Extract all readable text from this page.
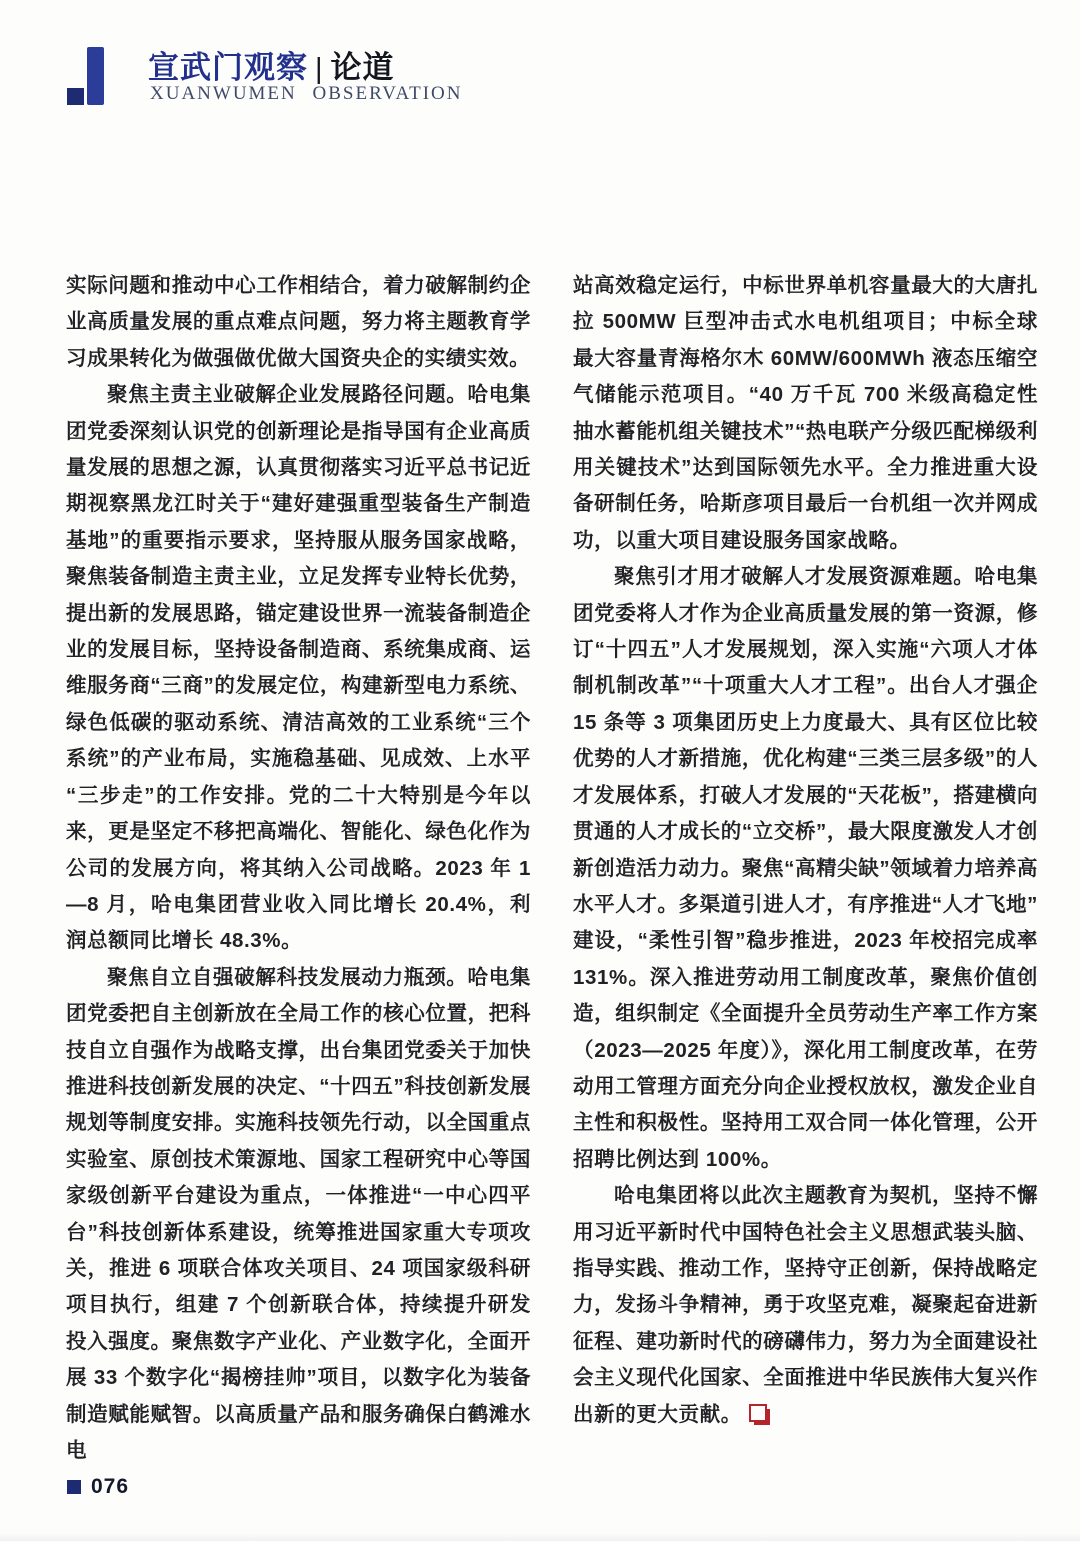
宣武门观察 | 论道
XUANWUMEN OBSERVATION

实际问题和推动中心工作相结合，着力破解制约企业高质量发展的重点难点问题，努力将主题教育学习成果转化为做强做优做大国资央企的实绩实效。

聚焦主责主业破解企业发展路径问题。哈电集团党委深刻认识党的创新理论是指导国有企业高质量发展的思想之源，认真贯彻落实习近平总书记近期视察黑龙江时关于“建好建强重型装备生产制造基地”的重要指示要求，坚持服从服务国家战略，聚焦装备制造主责主业，立足发挥专业特长优势，提出新的发展思路，锚定建设世界一流装备制造企业的发展目标，坚持设备制造商、系统集成商、运维服务商“三商”的发展定位，构建新型电力系统、绿色低碳的驱动系统、清洁高效的工业系统“三个系统”的产业布局，实施稳基础、见成效、上水平“三步走”的工作安排。党的二十大特别是今年以来，更是坚定不移把高端化、智能化、绿色化作为公司的发展方向，将其纳入公司战略。2023 年 1—8 月，哈电集团营业收入同比增长 20.4%，利润总额同比增长 48.3%。

聚焦自立自强破解科技发展动力瓶颈。哈电集团党委把自主创新放在全局工作的核心位置，把科技自立自强作为战略支撑，出台集团党委关于加快推进科技创新发展的决定、“十四五”科技创新发展规划等制度安排。实施科技领先行动，以全国重点实验室、原创技术策源地、国家工程研究中心等国家级创新平台建设为重点，一体推进“一中心四平台”科技创新体系建设，统筹推进国家重大专项攻关，推进 6 项联合体攻关项目、24 项国家级科研项目执行，组建 7 个创新联合体，持续提升研发投入强度。聚焦数字产业化、产业数字化，全面开展 33 个数字化“揭榜挂帅”项目，以数字化为装备制造赋能赋智。以高质量产品和服务确保白鹤滩水电

站高效稳定运行，中标世界单机容量最大的大唐扎拉 500MW 巨型冲击式水电机组项目；中标全球最大容量青海格尔木 60MW/600MWh 液态压缩空气储能示范项目。“40 万千瓦 700 米级高稳定性抽水蓄能机组关键技术”“热电联产分级匹配梯级利用关键技术”达到国际领先水平。全力推进重大设备研制任务，哈斯彦项目最后一台机组一次并网成功，以重大项目建设服务国家战略。

聚焦引才用才破解人才发展资源难题。哈电集团党委将人才作为企业高质量发展的第一资源，修订“十四五”人才发展规划，深入实施“六项人才体制机制改革”“十项重大人才工程”。出台人才强企 15 条等 3 项集团历史上力度最大、具有区位比较优势的人才新措施，优化构建“三类三层多级”的人才发展体系，打破人才发展的“天花板”，搭建横向贯通的人才成长的“立交桥”，最大限度激发人才创新创造活力动力。聚焦“高精尖缺”领域着力培养高水平人才。多渠道引进人才，有序推进“人才飞地”建设，“柔性引智”稳步推进，2023 年校招完成率 131%。深入推进劳动用工制度改革，聚焦价值创造，组织制定《全面提升全员劳动生产率工作方案（2023—2025 年度）》，深化用工制度改革，在劳动用工管理方面充分向企业授权放权，激发企业自主性和积极性。坚持用工双合同一体化管理，公开招聘比例达到 100%。

哈电集团将以此次主题教育为契机，坚持不懈用习近平新时代中国特色社会主义思想武装头脑、指导实践、推动工作，坚持守正创新，保持战略定力，发扬斗争精神，勇于攻坚克难，凝聚起奋进新征程、建功新时代的磅礴伟力，努力为全面建设社会主义现代化国家、全面推进中华民族伟大复兴作出新的更大贡献。

076
